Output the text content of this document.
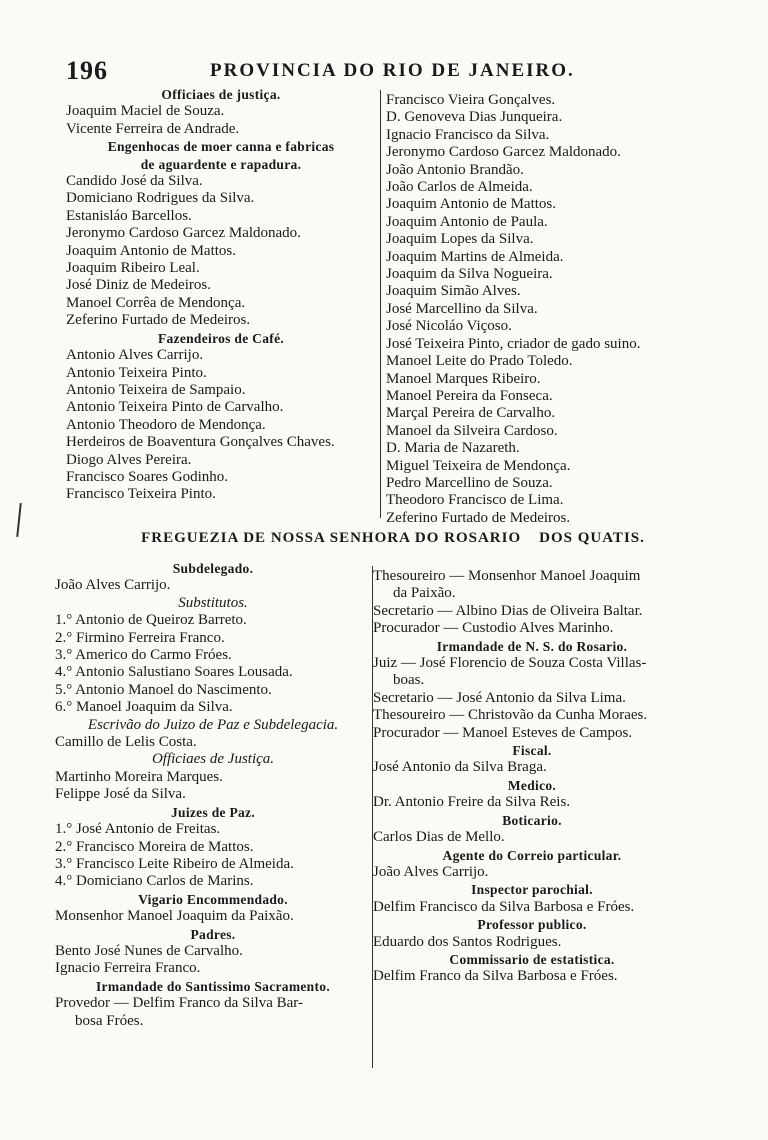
196	PROVINCIA DO RIO DE JANEIRO.
Officiaes de justiça.
Joaquim Maciel de Souza.
Vicente Ferreira de Andrade.
Engenhocas de moer canna e fabricas
de aguardente e rapadura.
Candido José da Silva.
Domiciano Rodrigues da Silva.
Estanisláo Barcellos.
Jeronymo Cardoso Garcez Maldonado.
Joaquim Antonio de Mattos.
Joaquim Ribeiro Leal.
José Diniz de Medeiros.
Manoel Corrêa de Mendonça.
Zeferino Furtado de Medeiros.
Fazendeiros de Café.
Antonio Alves Carrijo.
Antonio Teixeira Pinto.
Antonio Teixeira de Sampaio.
Antonio Teixeira Pinto de Carvalho.
Antonio Theodoro de Mendonça.
Herdeiros de Boaventura Gonçalves Chaves.
Diogo Alves Pereira.
Francisco Soares Godinho.
Francisco Teixeira Pinto.
Francisco Vieira Gonçalves.
D. Genoveva Dias Junqueira.
Ignacio Francisco da Silva.
Jeronymo Cardoso Garcez Maldonado.
João Antonio Brandão.
João Carlos de Almeida.
Joaquim Antonio de Mattos.
Joaquim Antonio de Paula.
Joaquim Lopes da Silva.
Joaquim Martins de Almeida.
Joaquim da Silva Nogueira.
Joaquim Simão Alves.
José Marcellino da Silva.
José Nicoláo Viçoso.
José Teixeira Pinto, criador de gado suino.
Manoel Leite do Prado Toledo.
Manoel Marques Ribeiro.
Manoel Pereira da Fonseca.
Marçal Pereira de Carvalho.
Manoel da Silveira Cardoso.
D. Maria de Nazareth.
Miguel Teixeira de Mendonça.
Pedro Marcellino de Souza.
Theodoro Francisco de Lima.
Zeferino Furtado de Medeiros.
FREGUEZIA DE NOSSA SENHORA DO ROSARIO DOS QUATIS.
Subdelegado.
João Alves Carrijo.
Substitutos.
1.° Antonio de Queiroz Barreto.
2.° Firmino Ferreira Franco.
3.° Americo do Carmo Fróes.
4.° Antonio Salustiano Soares Lousada.
5.° Antonio Manoel do Nascimento.
6.° Manoel Joaquim da Silva.
Escrivão do Juizo de Paz e Subdelegacia.
Camillo de Lelis Costa.
Officiaes de Justiça.
Martinho Moreira Marques.
Felippe José da Silva.
Juizes de Paz.
1.° José Antonio de Freitas.
2.° Francisco Moreira de Mattos.
3.° Francisco Leite Ribeiro de Almeida.
4.° Domiciano Carlos de Marins.
Vigario Encommendado.
Monsenhor Manoel Joaquim da Paixão.
Padres.
Bento José Nunes de Carvalho.
Ignacio Ferreira Franco.
Irmandade do Santissimo Sacramento.
Provedor — Delfim Franco da Silva Bar-
bosa Fróes.
Thesoureiro — Monsenhor Manoel Joaquim
da Paixão.
Secretario — Albino Dias de Oliveira Baltar.
Procurador — Custodio Alves Marinho.
Irmandade de N. S. do Rosario.
Juiz — José Florencio de Souza Costa Villas-
boas.
Secretario — José Antonio da Silva Lima.
Thesoureiro — Christovão da Cunha Moraes.
Procurador — Manoel Esteves de Campos.
Fiscal.
José Antonio da Silva Braga.
Medico.
Dr. Antonio Freire da Silva Reis.
Boticario.
Carlos Dias de Mello.
Agente do Correio particular.
João Alves Carrijo.
Inspector parochial.
Delfim Francisco da Silva Barbosa e Fróes.
Professor publico.
Eduardo dos Santos Rodrigues.
Commissario de estatistica.
Delfim Franco da Silva Barbosa e Fróes.
